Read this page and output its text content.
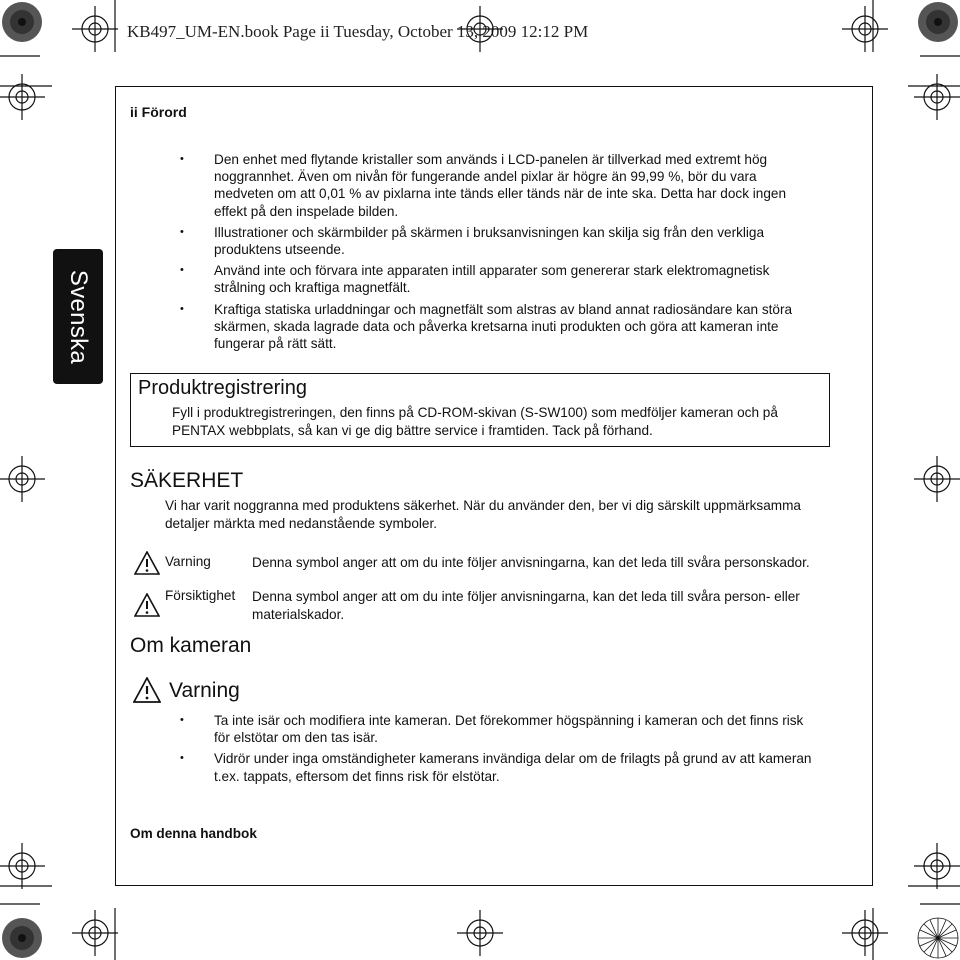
KB497_UM-EN.book Page ii Tuesday, October 13, 2009 12:12 PM
Svenska
ii Förord
• Den enhet med flytande kristaller som används i LCD-panelen är tillverkad med extremt hög noggrannhet. Även om nivån för fungerande andel pixlar är högre än 99,99 %, bör du vara medveten om att 0,01 % av pixlarna inte tänds eller tänds när de inte ska. Detta har dock ingen effekt på den inspelade bilden.
• Illustrationer och skärmbilder på skärmen i bruksanvisningen kan skilja sig från den verkliga produktens utseende.
• Använd inte och förvara inte apparaten intill apparater som genererar stark elektromagnetisk strålning och kraftiga magnetfält.
• Kraftiga statiska urladdningar och magnetfält som alstras av bland annat radiosändare kan störa skärmen, skada lagrade data och påverka kretsarna inuti produkten och göra att kameran inte fungerar på rätt sätt.
Produktregistrering
Fyll i produktregistreringen, den finns på CD-ROM-skivan (S-SW100) som medföljer kameran och på PENTAX webbplats, så kan vi ge dig bättre service i framtiden. Tack på förhand.
SÄKERHET
Vi har varit noggranna med produktens säkerhet. När du använder den, ber vi dig särskilt uppmärksamma detaljer märkta med nedanstående symboler.
Varning	Denna symbol anger att om du inte följer anvisningarna, kan det leda till svåra personskador.
Försiktighet Denna symbol anger att om du inte följer anvisningarna, kan det leda till svåra person- eller materialskador.
Om kameran
Varning
• Ta inte isär och modifiera inte kameran. Det förekommer högspänning i kameran och det finns risk för elstötar om den tas isär.
• Vidrör under inga omständigheter kamerans invändiga delar om de frilagts på grund av att kameran t.ex. tappats, eftersom det finns risk för elstötar.
Om denna handbok
